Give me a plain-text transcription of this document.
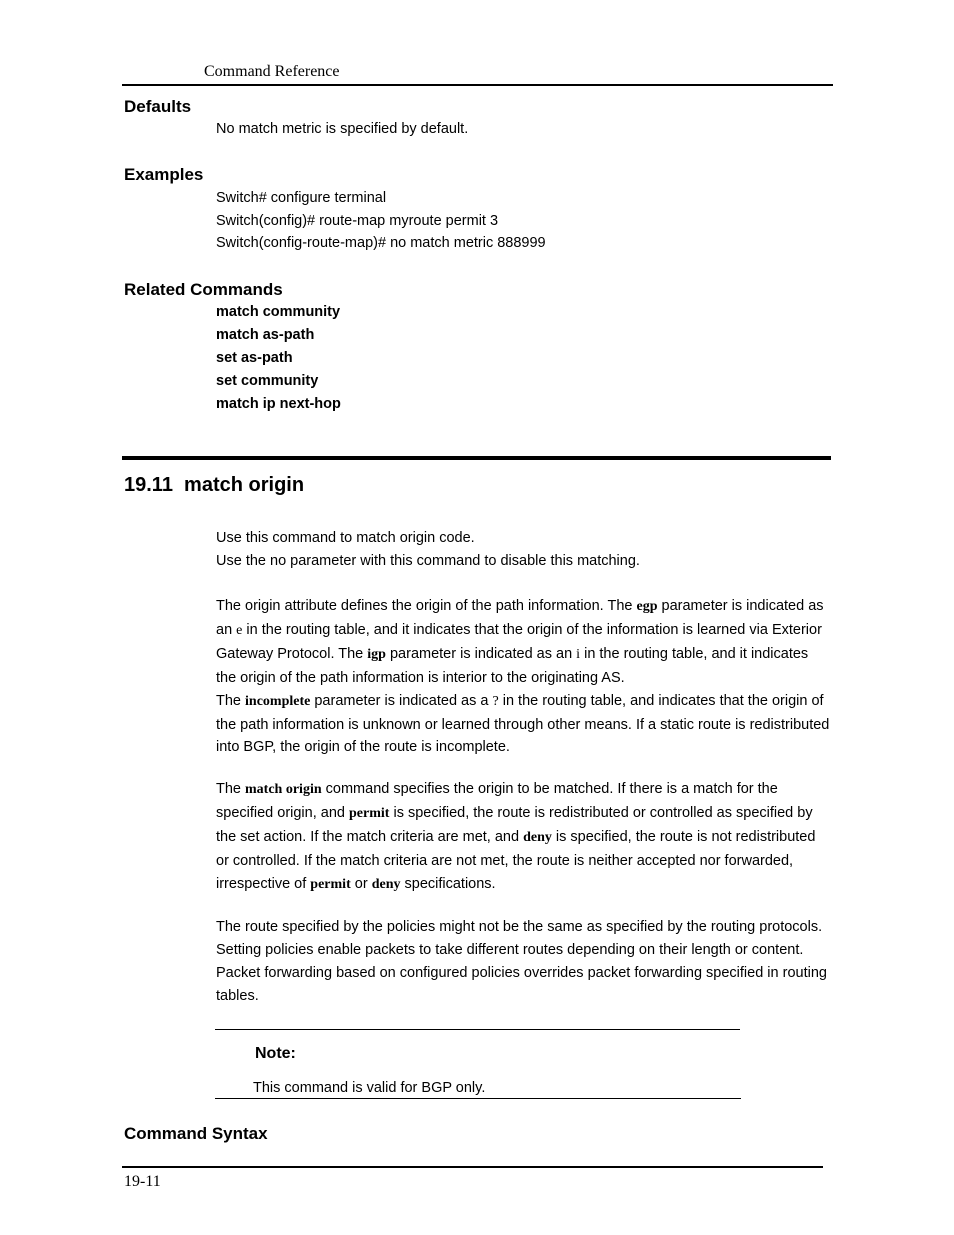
Command Reference
Defaults
No match metric is specified by default.
Examples
Switch# configure terminal
Switch(config)# route-map myroute permit 3
Switch(config-route-map)# no match metric 888999
Related Commands
match community
match as-path
set as-path
set community
match ip next-hop
19.11  match origin
Use this command to match origin code.
Use the no parameter with this command to disable this matching.

The origin attribute defines the origin of the path information. The egp parameter is indicated as an e in the routing table, and it indicates that the origin of the information is learned via Exterior Gateway Protocol. The igp parameter is indicated as an i in the routing table, and it indicates the origin of the path information is interior to the originating AS.

The incomplete parameter is indicated as a ? in the routing table, and indicates that the origin of the path information is unknown or learned through other means. If a static route is redistributed into BGP, the origin of the route is incomplete.

The match origin command specifies the origin to be matched. If there is a match for the specified origin, and permit is specified, the route is redistributed or controlled as specified by the set action. If the match criteria are met, and deny is specified, the route is not redistributed or controlled. If the match criteria are not met, the route is neither accepted nor forwarded, irrespective of permit or deny specifications.

The route specified by the policies might not be the same as specified by the routing protocols. Setting policies enable packets to take different routes depending on their length or content. Packet forwarding based on configured policies overrides packet forwarding specified in routing tables.

Note:
This command is valid for BGP only.
Command Syntax
19-11
